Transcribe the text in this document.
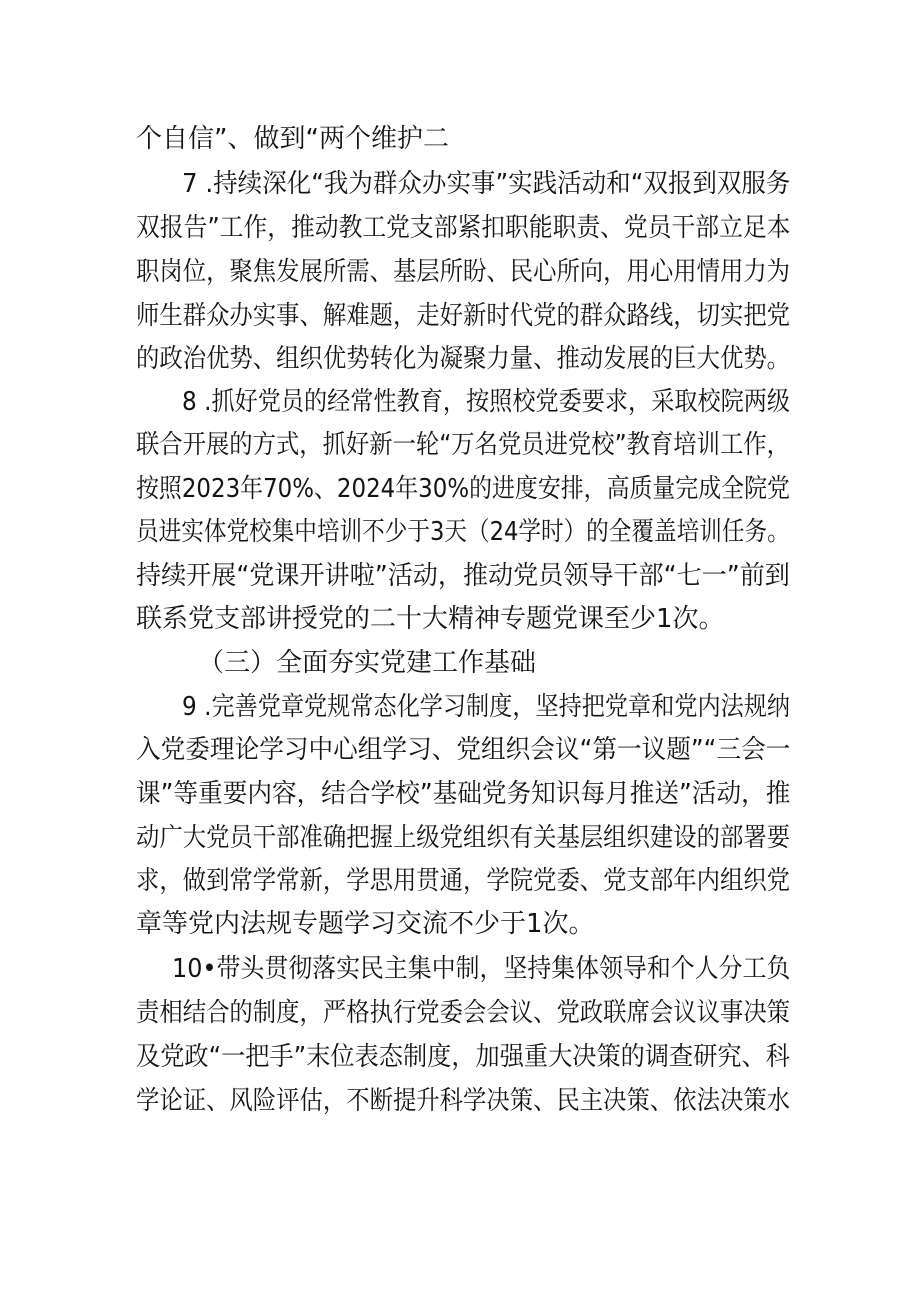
个自信”、做到“两个维护二
7 .持续深化“我为群众办实事”实践活动和“双报到双服务
双报告”工作，推动教工党支部紧扣职能职责、党员干部立足本
职岗位，聚焦发展所需、基层所盼、民心所向，用心用情用力为
师生群众办实事、解难题，走好新时代党的群众路线，切实把党
的政治优势、组织优势转化为凝聚力量、推动发展的巨大优势。
8 .抓好党员的经常性教育，按照校党委要求，采取校院两级
联合开展的方式，抓好新一轮“万名党员进党校”教育培训工作，
按照2023年70%、2024年30%的进度安排，高质量完成全院党
员进实体党校集中培训不少于3天（24学时）的全覆盖培训任务。
持续开展“党课开讲啦”活动，推动党员领导干部“七一”前到
联系党支部讲授党的二十大精神专题党课至少1次。
（三）全面夯实党建工作基础
9 .完善党章党规常态化学习制度，坚持把党章和党内法规纳
入党委理论学习中心组学习、党组织会议“第一议题”“三会一
课”等重要内容，结合学校”基础党务知识每月推送”活动，推
动广大党员干部准确把握上级党组织有关基层组织建设的部署要
求，做到常学常新，学思用贯通，学院党委、党支部年内组织党
章等党内法规专题学习交流不少于1次。
10•带头贯彻落实民主集中制，坚持集体领导和个人分工负
责相结合的制度，严格执行党委会会议、党政联席会议议事决策
及党政“一把手”末位表态制度，加强重大决策的调查研究、科
学论证、风险评估，不断提升科学决策、民主决策、依法决策水
